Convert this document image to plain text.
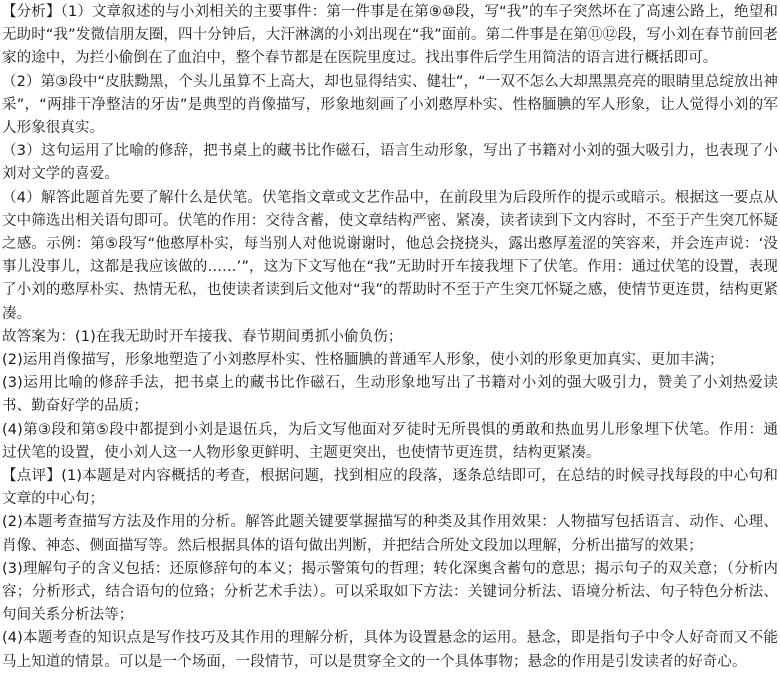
【分析】（1）文章叙述的与小刘相关的主要事件：第一件事是在第⑨⑩段，写“我”的车子突然坏在了高速公路上，绝望和无助时“我”发微信朋友圈，四十分钟后，大汗淋漓的小刘出现在“我”面前。第二件事是在第⑪⑫段，写小刘在春节前回老家的途中，为拦小偷倒在了血泊中，整个春节都是在医院里度过。找出事件后学生用简洁的语言进行概括即可。

（2）第③段中“皮肤黝黑，个头儿虽算不上高大，却也显得结实、健壮”，“一双不怎么大却黑黑亮亮的眼睛里总绽放出神采”，“两排干净整洁的牙齿”是典型的肖像描写，形象地刻画了小刘憨厚朴实、性格腼腆的军人形象，让人觉得小刘的军人形象很真实。

（3）这句运用了比喻的修辞，把书桌上的藏书比作磁石，语言生动形象，写出了书籍对小刘的强大吸引力，也表现了小刘对文学的喜爱。

（4）解答此题首先要了解什么是伏笔。伏笔指文章或文艺作品中，在前段里为后段所作的提示或暗示。根据这一要点从文中筛选出相关语句即可。伏笔的作用：交待含蓄，使文章结构严密、紧凑，读者读到下文内容时，不至于产生突兀怀疑之感。示例：第⑤段写“他憨厚朴实，每当别人对他说谢谢时，他总会挠挠头，露出憨厚羞涩的笑容来，并会连声说：‘没事儿没事儿，这都是我应该做的……’”，这为下文写他在“我”无助时开车接我埋下了伏笔。作用：通过伏笔的设置，表现了小刘的憨厚朴实、热情无私，也使读者读到后文他对“我”的帮助时不至于产生突兀怀疑之感，使情节更连贯，结构更紧凑。

故答案为：(1)在我无助时开车接我、春节期间勇抓小偷负伤；

(2)运用肖像描写，形象地塑造了小刘憨厚朴实、性格腼腆的普通军人形象，使小刘的形象更加真实、更加丰满；

(3)运用比喻的修辞手法，把书桌上的藏书比作磁石，生动形象地写出了书籍对小刘的强大吸引力，赞美了小刘热爱读书、勤奋好学的品质；

(4)第③段和第⑤段中都提到小刘是退伍兵，为后文写他面对歹徒时无所畏惧的勇敢和热血男儿形象埋下伏笔。作用：通过伏笔的设置，使小刘人这一人物形象更鲜明、主题更突出，也使情节更连贯，结构更紧凑。

【点评】(1)本题是对内容概括的考查，根据问题，找到相应的段落，逐条总结即可，在总结的时候寻找每段的中心句和文章的中心句；

(2)本题考查描写方法及作用的分析。解答此题关键要掌握描写的种类及其作用效果：人物描写包括语言、动作、心理、肖像、神态、侧面描写等。然后根据具体的语句做出判断，并把结合所处文段加以理解，分析出描写的效果；

(3)理解句子的含义包括：还原修辞句的本义；揭示警策句的哲理；转化深奥含蓄句的意思；揭示句子的双关意；（分析内容；分析形式，结合语句的位臵；分析艺术手法）。可以采取如下方法：关键词分析法、语境分析法、句子特色分析法、句间关系分析法等；

(4)本题考查的知识点是写作技巧及其作用的理解分析，具体为设置悬念的运用。悬念，即是指句子中令人好奇而又不能马上知道的情景。可以是一个场面，一段情节，可以是贯穿全文的一个具体事物；悬念的作用是引发读者的好奇心。
